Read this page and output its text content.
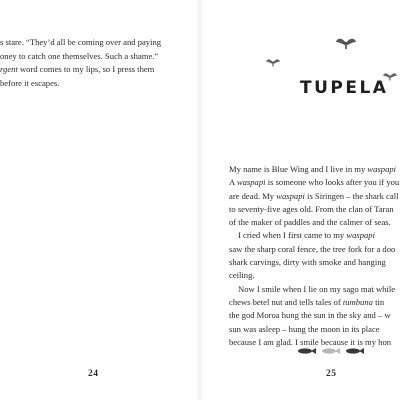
s stare. “They’d all be coming over and paying
oney to catch one themselves. Such a shame.”
rgent word comes to my lips, so I press them
before it escapes.
24
TUPELA
My name is Blue Wing and I live in my waspapi
A waspapi is someone who looks after you if you
are dead. My waspapi is Siringen – the shark call
to seventy-five ages old. From the clan of Taran
of the maker of paddles and the calmer of seas.
I cried when I first came to my waspapi
saw the sharp coral fence, the tree fork for a doo
shark carvings, dirty with smoke and hanging
ceiling.
Now I smile when I lie on my sago mat while
chews betel nut and tells tales of tumbuna tin
the god Moroa hung the sun in the sky and – w
sun was asleep – hung the moon in its place
because I am glad. I smile because it is my hon
25
